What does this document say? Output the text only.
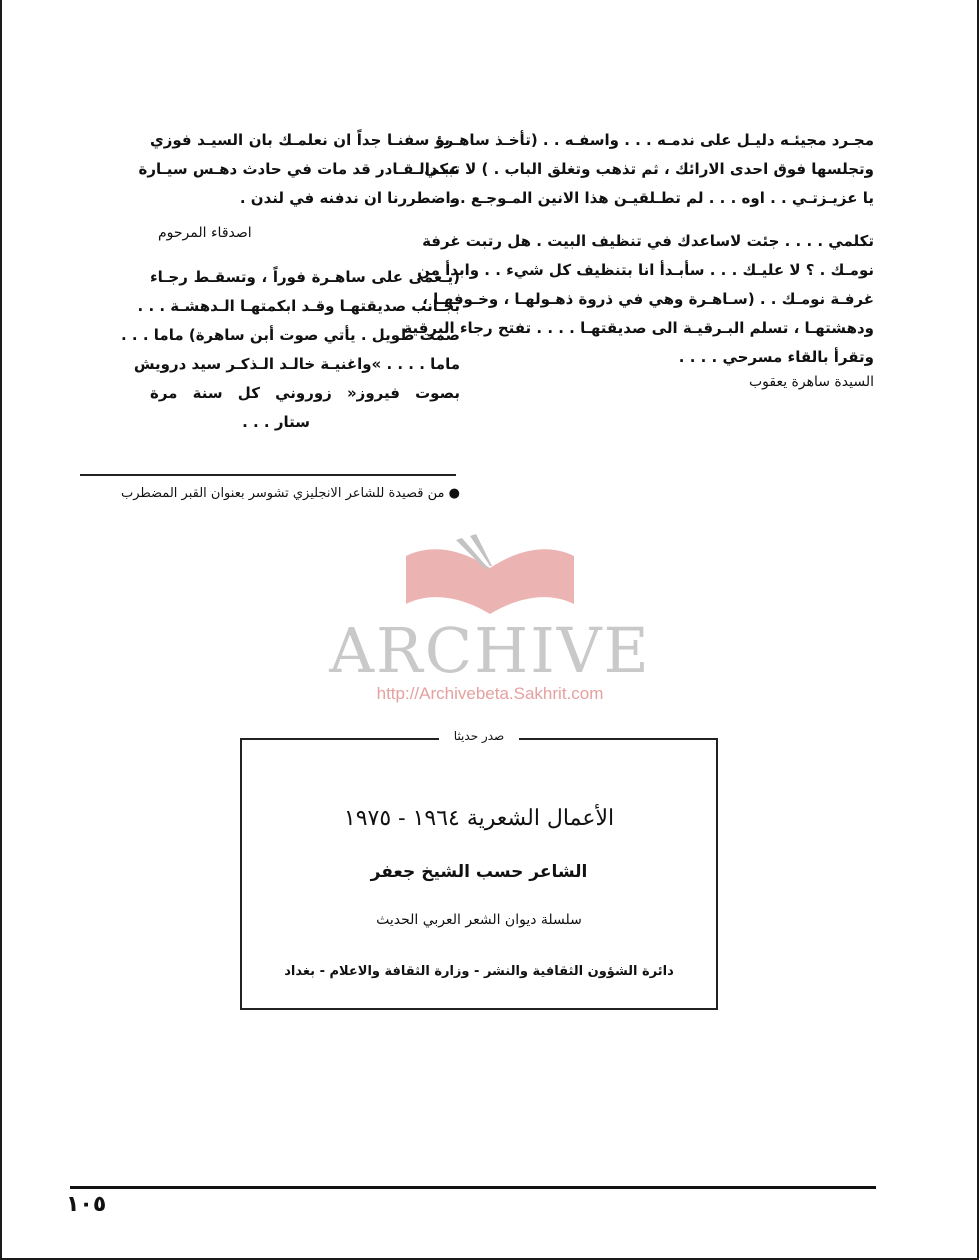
مجـرد مجيئـه دليـل على ندمـه . . . واسفـه . . (تأخـذ ساهـرة
وتجلسها فوق احدى الارائك ، ثم تذهب وتغلق الباب . ) لا تبكي
يا عزيـزتـي . . اوه . . . لم تطـلقيـن هذا الانين المـوجـع . .
تكلمي . . . . جئت لاساعدك في تنظيف البيت . هل رتبت غرفة
نومـك . ؟ لا عليـك . . . سأبـدأ انا بتنظيف كل شيء . . وابدأ من
غرفـة نومـك . . (سـاهـرة وهي في ذروة ذهـولهـا ، وخـوفهـا ،
ودهشتهـا ، تسلم البـرقيـة الى صديقتهـا . . . . تفتح رجاء البرقية
وتقرأ بالقاء مسرحي . . . .
السيدة ساهرة يعقوب
يؤ سفنـا جداً ان نعلمـك بان السيـد فوزي
عبـدالـقـادر قد مات في حادث دهـس سيـارة
واضطررنا ان ندفنه في لندن .
اصدقاء المرحوم
(يـغمى على ساهـرة فوراً ، وتسقـط رجـاء
بجـانب صديقتهـا وقـد ابكمتهـا الـدهشـة . . .
صمت طويل . يأتي صوت أبن ساهرة) ماما . . .
ماما . . . . »واغنيـة خالـد الـذكـر سيد درويش
بصوت فيروز« زوروني كل سنة مرة
ستار . . .
● من قصيدة للشاعر الانجليزي تشوسر بعنوان القبر المضطرب
ARCHIVE
http://Archivebeta.Sakhrit.com
صدر حديثا
الأعمال الشعرية ١٩٦٤ - ١٩٧٥
الشاعر حسب الشيخ جعفر
سلسلة ديوان الشعر العربي الحديث
دائرة الشؤون الثقافية والنشر - وزارة الثقافة والاعلام - بغداد
١٠٥
